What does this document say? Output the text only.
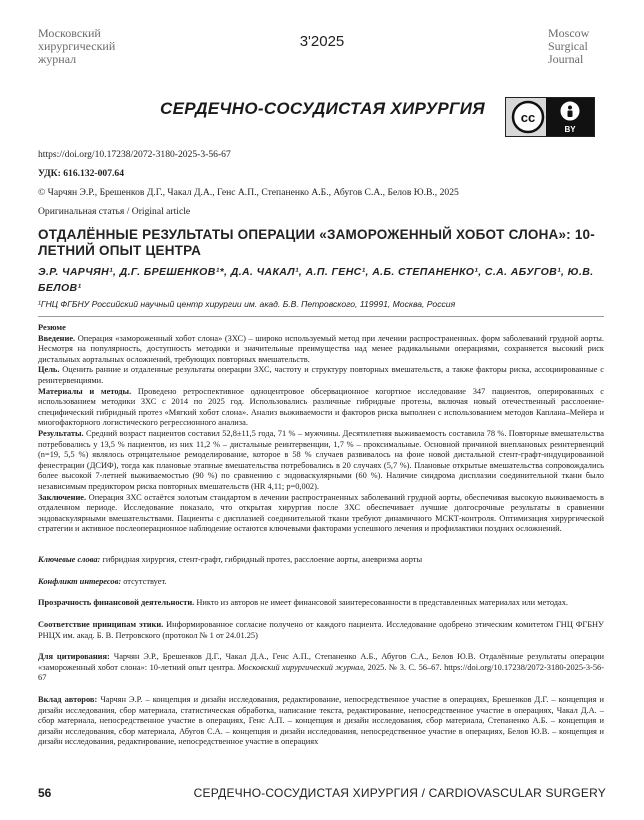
Московский
хирургический
журнал
3'2025	Moscow
Surgical
Journal
СЕРДЕЧНО-СОСУДИСТАЯ ХИРУРГИЯ	cc
BY
https://doi.org/10.17238/2072-3180-2025-3-56-67
УДК: 616.132-007.64
© Чарчян Э.Р., Брешенков Д.Г., Чакал Д.А., Генс А.П., Степаненко А.Б., Абугов С.А., Белов Ю.В., 2025
Оригинальная статья / Original article
ОТДАЛЁННЫЕ РЕЗУЛЬТАТЫ ОПЕРАЦИИ «ЗАМОРОЖЕННЫЙ ХОБОТ СЛОНА»: 10-ЛЕТНИЙ ОПЫТ ЦЕНТРА
Э.Р. ЧАРЧЯН¹, Д.Г. БРЕШЕНКОВ¹*, Д.А. ЧАКАЛ¹, А.П. ГЕНС¹, А.Б. СТЕПАНЕНКО¹, С.А. АБУГОВ¹, Ю.В. БЕЛОВ¹
¹ГНЦ ФГБНУ Российский научный центр хирургии им. акад. Б.В. Петровского, 119991, Москва, Россия

Резюме

Введение. Операция «замороженный хобот слона» (ЗХС) – широко используемый метод при лечении распространенных. форм заболеваний грудной аорты. Несмотря на популярность, доступность методики и значительные преимущества над менее радикальными операциями, сохраняется высокий риск дистальных аортальных осложнений, требующих повторных вмешательств.

Цель. Оценить ранние и отдаленные результаты операции ЗХС, частоту и структуру повторных вмешательств, а также факторы риска, ассоциированные с реинтервенциями.

Материалы и методы. Проведено ретроспективное одноцентровое обсервационное когортное исследование 347 пациентов, оперированных с использованием методики ЗХС с 2014 по 2025 год. Использовались различные гибридные протезы, включая новый отечественный расслоение-специфический гибридный протез «Мягкий хобот слона». Анализ выживаемости и факторов риска выполнен с использованием методов Каплана–Мейера и многофакторного логистического регрессионного анализа.

Результаты. Средний возраст пациентов составил 52,8±11,5 года, 71 % – мужчины. Десятилетняя выживаемость составила 78 %. Повторные вмешательства потребовались у 13,5 % пациентов, из них 11,2 % – дистальные реинтервенции, 1,7 % – проксимальные. Основной причиной внеплановых реинтервенций (n=19, 5,5 %) являлось отрицательное ремоделирование, которое в 58 % случаев развивалось на фоне новой дистальной стент-графт-индуцированной фенестрации (ДСИФ), тогда как плановые этапные вмешательства потребовались в 20 случаях (5,7 %). Плановые открытые вмешательства сопровождались более высокой 7-летней выживаемостью (90 %) по сравнению с эндоваскулярными (60 %). Наличие синдрома дисплазии соединительной ткани было независимым предиктором риска повторных вмешательств (HR 4,11; p=0,002).

Заключение. Операция ЗХС остаётся золотым стандартом в лечении распространенных заболеваний грудной аорты, обеспечивая высокую выживаемость в отдаленном периоде. Исследование показало, что открытая хирургия после ЗХС обеспечивает лучшие долгосрочные результаты в сравнении эндоваскулярными вмешательствами. Пациенты с дисплазией соединительной ткани требуют динамичного МСКТ-контроля. Оптимизация хирургической стратегии и активное послеоперационное наблюдение остаются ключевыми факторами успешного лечения и профилактики поздних осложнений.

Ключевые слова: гибридная хирургия, стент-графт, гибридный протез, расслоение аорты, аневризма аорты
Конфликт интересов: отсутствует.
Прозрачность финансовой деятельности. Никто из авторов не имеет финансовой заинтересованности в представленных материалах или методах.
Соответствие принципам этики. Информированное согласие получено от каждого пациента. Исследование одобрено этическим комитетом ГНЦ ФГБНУ РНЦХ им. акад. Б. В. Петровского (протокол № 1 от 24.01.25)
Для цитирования: Чарчян Э.Р., Брешенков Д.Г., Чакал Д.А., Генс А.П., Степаненко А.Б., Абугов С.А., Белов Ю.В. Отдалённые результаты операции «замороженный хобот слона»: 10-летний опыт центра. Московский хирургический журнал, 2025. № 3. С. 56–67. https://doi.org/10.17238/2072-3180-2025-3-56-67
Вклад авторов: Чарчян Э.Р. – концепция и дизайн исследования, редактирование, непосредственное участие в операциях, Брешенков Д.Г. – концепция и дизайн исследования, сбор материала, статистическая обработка, написание текста, редактирование, непосредственное участие в операциях, Чакал Д.А. – сбор материала, непосредственное участие в операциях, Генс А.П. – концепция и дизайн исследования, сбор материала, Степаненко А.Б. – концепция и дизайн исследования, сбор материала, Абугов С.А. – концепция и дизайн исследования, непосредственное участие в операциях, Белов Ю.В. – концепция и дизайн исследования, редактирование, непосредственное участие в операциях
56	СЕРДЕЧНО-СОСУДИСТАЯ ХИРУРГИЯ / CARDIOVASCULAR SURGERY
